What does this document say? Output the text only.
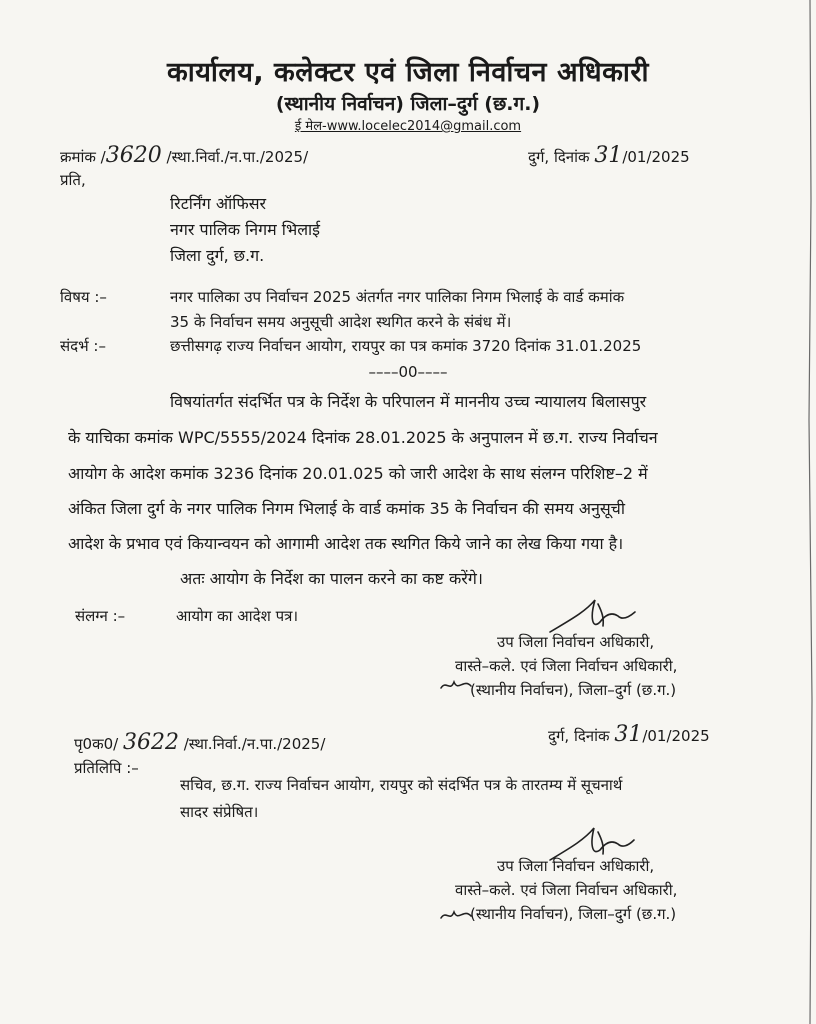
कार्यालय, कलेक्टर एवं जिला निर्वाचन अधिकारी
(स्थानीय निर्वाचन) जिला–दुर्ग (छ.ग.)
ई मेल-www.locelec2014@gmail.com
क्रमांक /3620 /स्था.निर्वा./न.पा./2025/	दुर्ग, दिनांक 31/01/2025
प्रति,
रिटर्निंग ऑफिसर
नगर पालिक निगम भिलाई
जिला दुर्ग, छ.ग.
विषय :–	नगर पालिका उप निर्वाचन 2025 अंतर्गत नगर पालिका निगम भिलाई के वार्ड कमांक
35 के निर्वाचन समय अनुसूची आदेश स्थगित करने के संबंध में।
संदर्भ :–	छत्तीसगढ़ राज्य निर्वाचन आयोग, रायपुर का पत्र कमांक 3720 दिनांक 31.01.2025
––––00––––
विषयांतर्गत संदर्भित पत्र के निर्देश के परिपालन में माननीय उच्च न्यायालय बिलासपुर
के याचिका कमांक WPC/5555/2024 दिनांक 28.01.2025 के अनुपालन में छ.ग. राज्य निर्वाचन
आयोग के आदेश कमांक 3236 दिनांक 20.01.025 को जारी आदेश के साथ संलग्न परिशिष्ट–2 में
अंकित जिला दुर्ग के नगर पालिक निगम भिलाई के वार्ड कमांक 35 के निर्वाचन की समय अनुसूची
आदेश के प्रभाव एवं कियान्वयन को आगामी आदेश तक स्थगित किये जाने का लेख किया गया है।
अतः आयोग के निर्देश का पालन करने का कष्ट करेंगे।
संलग्न :–	आयोग का आदेश पत्र।
उप जिला निर्वाचन अधिकारी,
वास्ते–कले. एवं जिला निर्वाचन अधिकारी,
(स्थानीय निर्वाचन), जिला–दुर्ग (छ.ग.)
पृ0क0/ 3622 /स्था.निर्वा./न.पा./2025/	दुर्ग, दिनांक 31/01/2025
प्रतिलिपि :–
सचिव, छ.ग. राज्य निर्वाचन आयोग, रायपुर को संदर्भित पत्र के तारतम्य में सूचनार्थ
सादर संप्रेषित।
उप जिला निर्वाचन अधिकारी,
वास्ते–कले. एवं जिला निर्वाचन अधिकारी,
(स्थानीय निर्वाचन), जिला–दुर्ग (छ.ग.)
